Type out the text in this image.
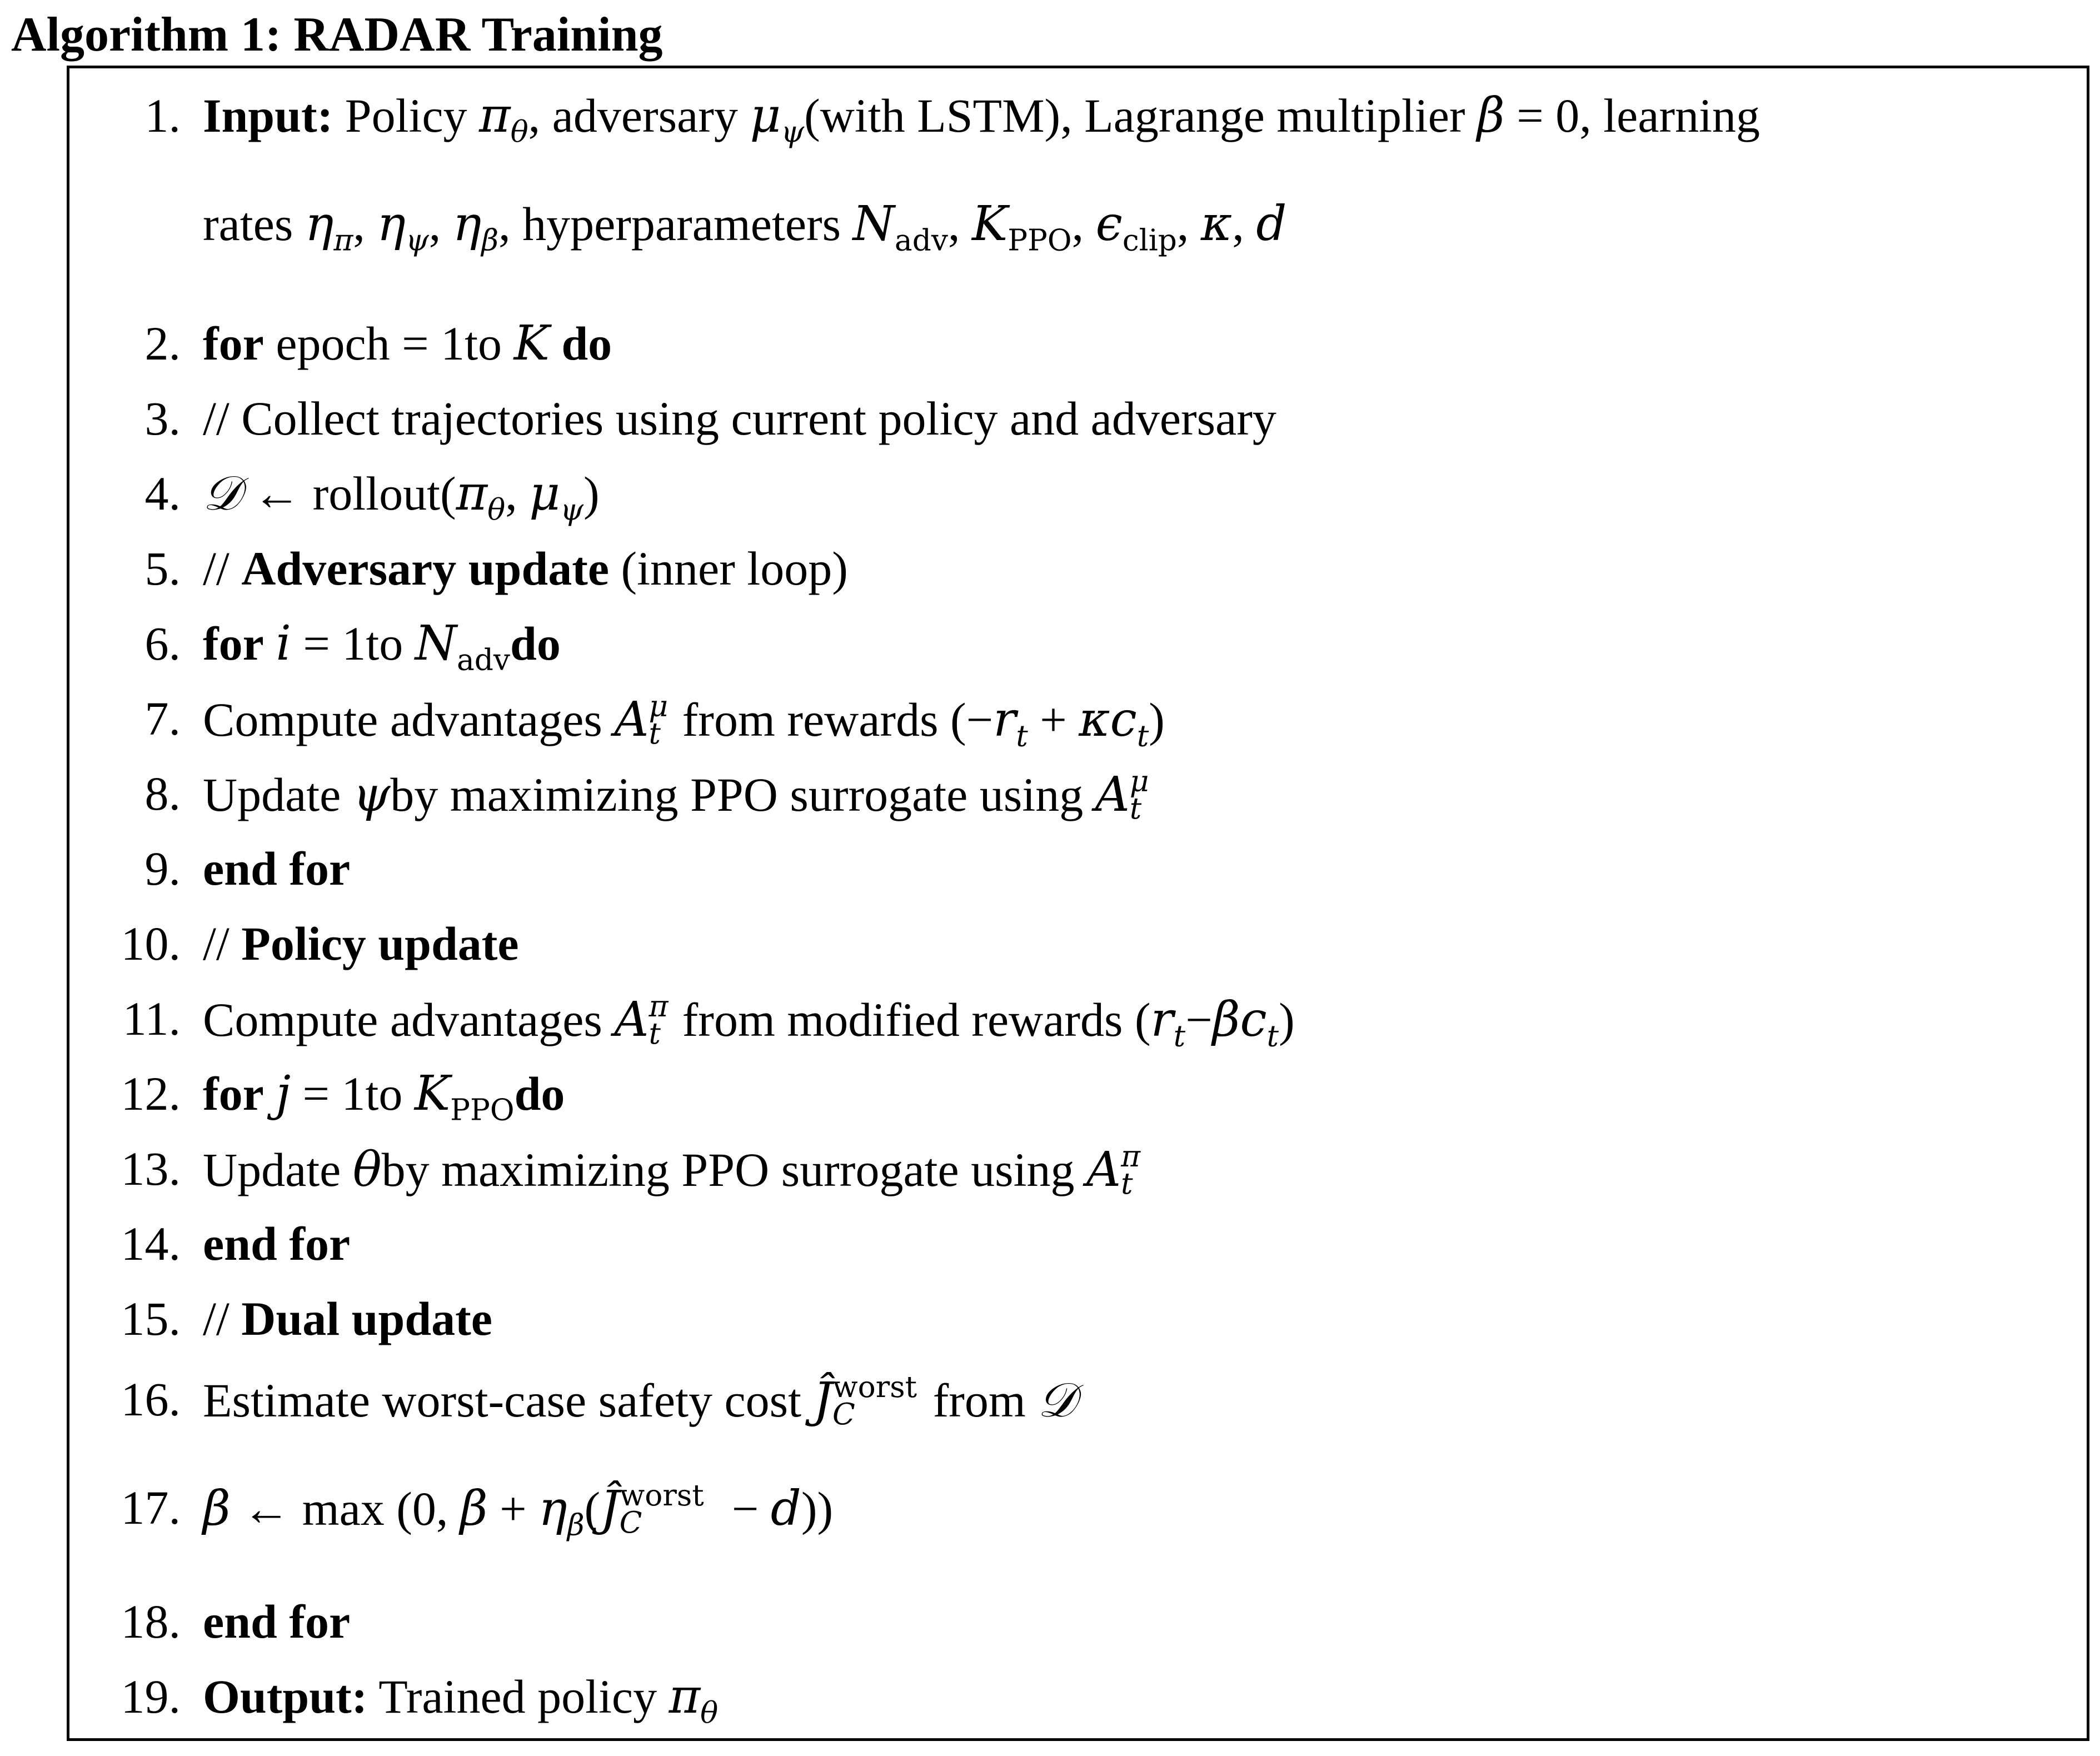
Algorithm 1: RADAR Training
1. Input: Policy $\pi_\theta$, adversary $\mu_\psi(with$ LSTM), Lagrange multiplier β = 0, learning
rates $\eta_\pi$, $\eta_\psi$, $\eta_\beta$, hyperparameters $N_{adv}$, $K_{PPO}$, $\epsilon_{clip}$, κ, d
2. for epoch = 1to K do
3. // Collect trajectories using current policy and adversary
4. 𝒟 ← $rollout(\pi_\theta$, $\mu_\psi$)
5. // Adversary update (inner loop)
6. for i = 1to $N_{adv}do$
7. Compute advantages A μ
t from rewards $(-r_t + \kappa c_t)$
8. Update ψby maximizing PPO surrogate using A μ
t
9. end for
10. // Policy update
11. Compute advantages A π
t from modified rewards $(r_t-\beta c_t)$
12. for j = 1to $K_{PPO}do$
13. Update θby maximizing PPO surrogate using A π
t
14. end for
15. // Dual update
16. Estimate worst-case safety cost Ĵ worst
C from 𝒟
17. β ← max (0, $\beta + \eta_\beta(Ĵ$ worst
C − d))
18. end for
19. Output: Trained policy $\pi_\theta$
